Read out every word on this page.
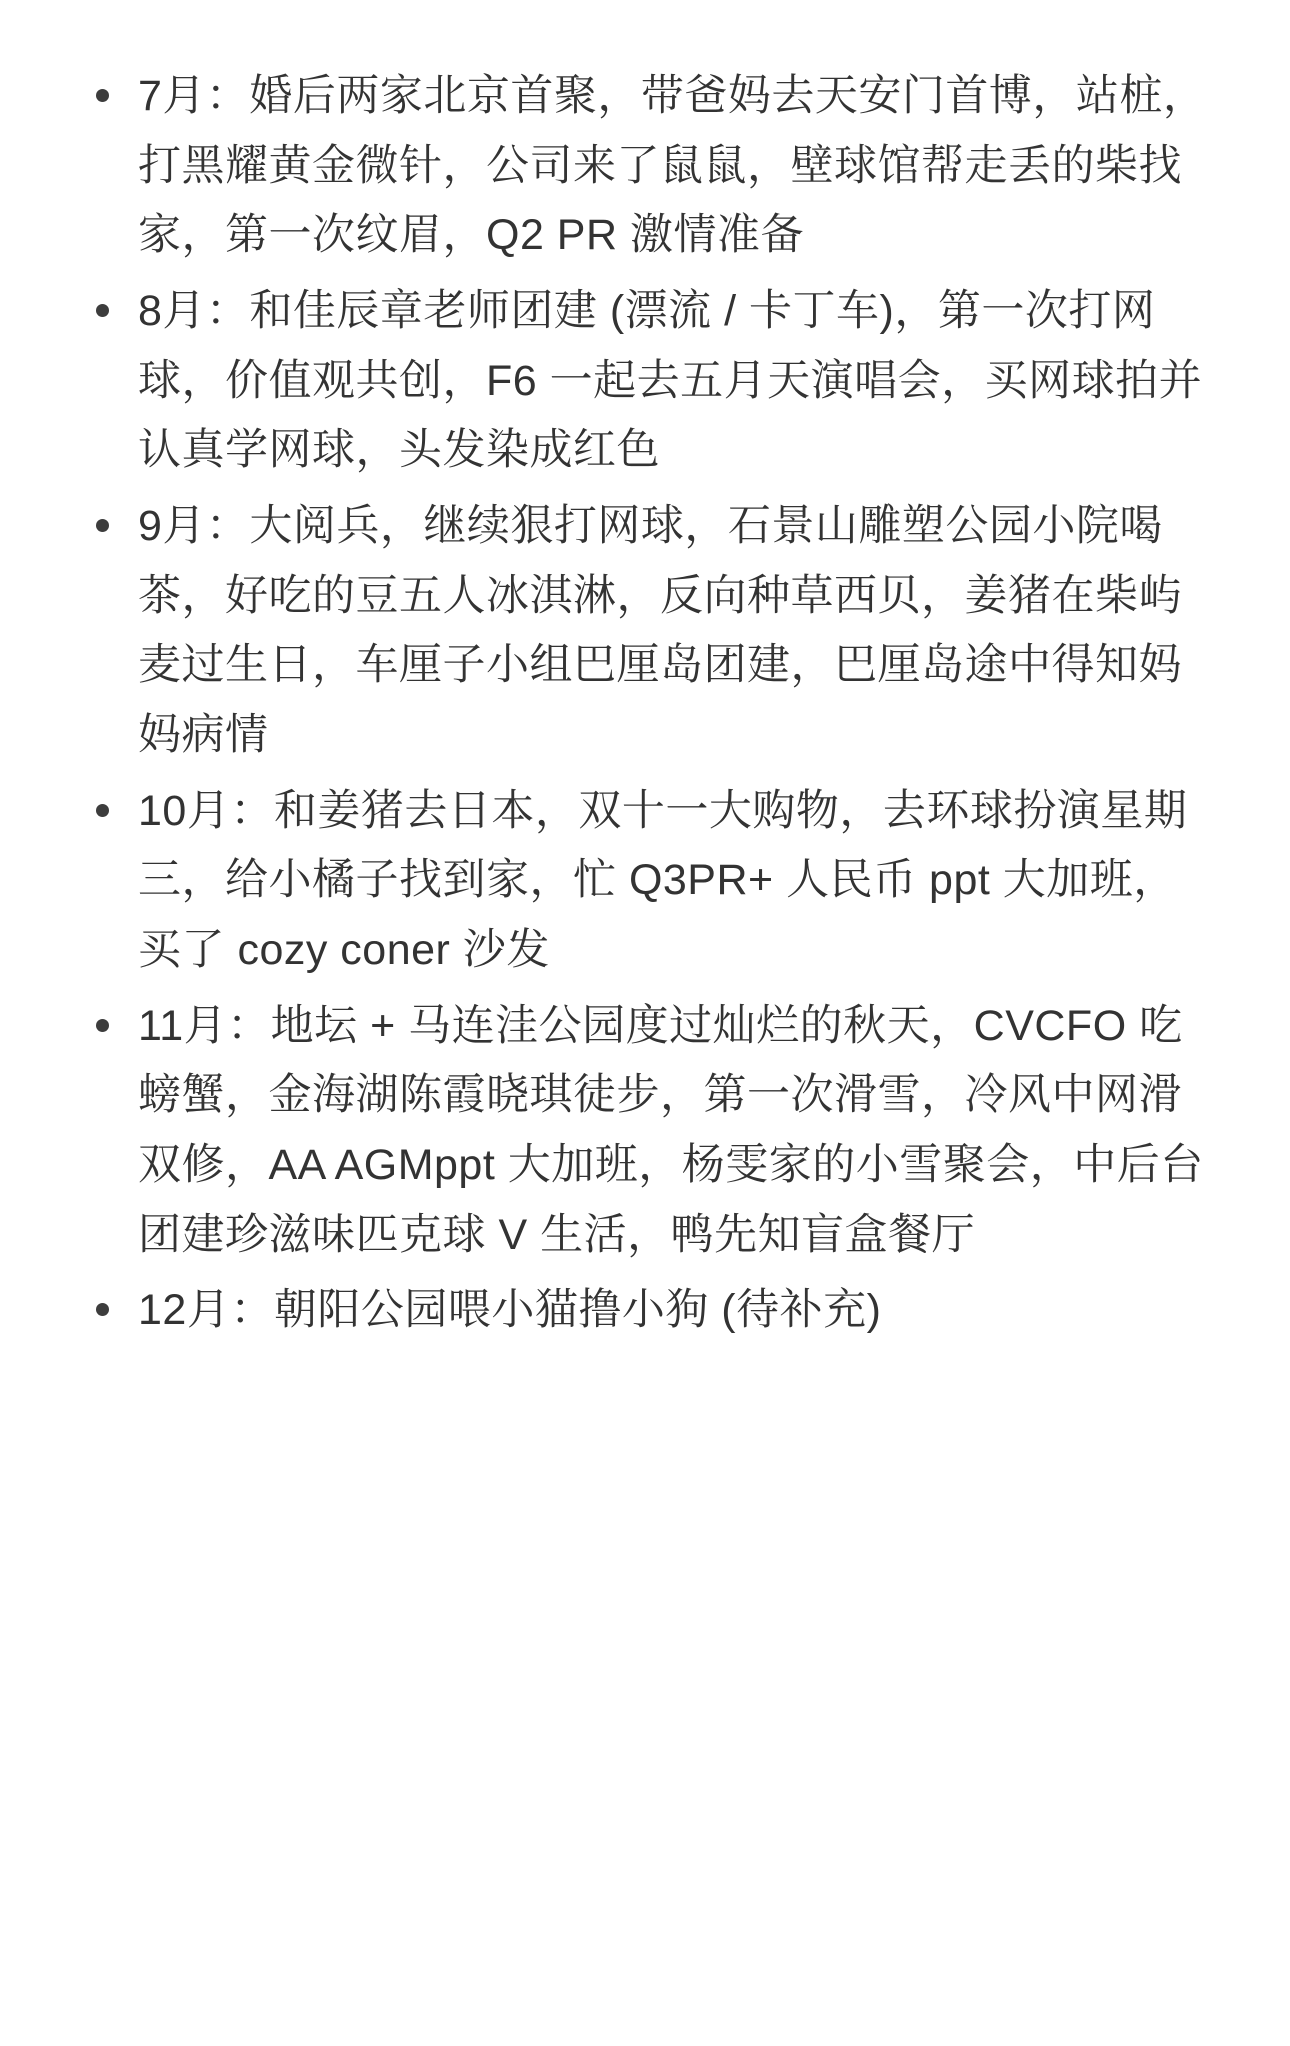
7月：婚后两家北京首聚，带爸妈去天安门首博，站桩，打黑耀黄金微针，公司来了鼠鼠，壁球馆帮走丢的柴找家，第一次纹眉，Q2 PR 激情准备
8月：和佳辰章老师团建 (漂流 / 卡丁车)，第一次打网球，价值观共创，F6 一起去五月天演唱会，买网球拍并认真学网球，头发染成红色
9月：大阅兵，继续狠打网球，石景山雕塑公园小院喝茶，好吃的豆五人冰淇淋，反向种草西贝，姜猪在柴屿麦过生日，车厘子小组巴厘岛团建，巴厘岛途中得知妈妈病情
10月：和姜猪去日本，双十一大购物，去环球扮演星期三，给小橘子找到家，忙 Q3PR+ 人民币 ppt 大加班，买了 cozy coner 沙发
11月：地坛 + 马连洼公园度过灿烂的秋天，CVCFO 吃螃蟹，金海湖陈霞晓琪徒步，第一次滑雪，冷风中网滑双修，AA AGMppt 大加班，杨雯家的小雪聚会，中后台团建珍滋味匹克球 V 生活，鸭先知盲盒餐厅
12月：朝阳公园喂小猫撸小狗 (待补充)
